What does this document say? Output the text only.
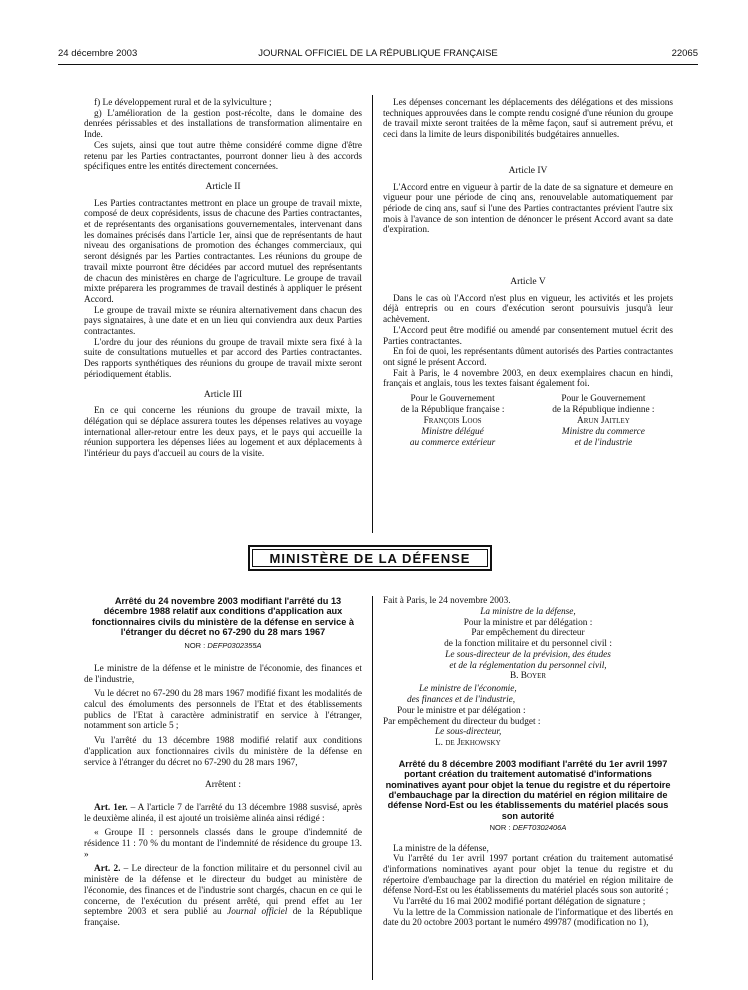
24 décembre 2003	JOURNAL OFFICIEL DE LA RÉPUBLIQUE FRANÇAISE	22065

f) Le développement rural et de la sylviculture ;

g) L'amélioration de la gestion post-récolte, dans le domaine des denrées périssables et des installations de transformation alimentaire en Inde.

Ces sujets, ainsi que tout autre thème considéré comme digne d'être retenu par les Parties contractantes, pourront donner lieu à des accords spécifiques entre les entités directement concernées.

Article II

Les Parties contractantes mettront en place un groupe de travail mixte, composé de deux coprésidents, issus de chacune des Parties contractantes, et de représentants des organisations gouvernementales, intervenant dans les domaines précisés dans l'article 1er, ainsi que de représentants de haut niveau des organisations de promotion des échanges commerciaux, qui seront désignés par les Parties contractantes. Les réunions du groupe de travail mixte pourront être décidées par accord mutuel des représentants de chacun des ministères en charge de l'agriculture. Le groupe de travail mixte préparera les programmes de travail destinés à appliquer le présent Accord.

Le groupe de travail mixte se réunira alternativement dans chacun des pays signataires, à une date et en un lieu qui conviendra aux deux Parties contractantes.

L'ordre du jour des réunions du groupe de travail mixte sera fixé à la suite de consultations mutuelles et par accord des Parties contractantes. Des rapports synthétiques des réunions du groupe de travail mixte seront périodiquement établis.

Article III

En ce qui concerne les réunions du groupe de travail mixte, la délégation qui se déplace assurera toutes les dépenses relatives au voyage international aller-retour entre les deux pays, et le pays qui accueille la réunion supportera les dépenses liées au logement et aux déplacements à l'intérieur du pays d'accueil au cours de la visite.

Les dépenses concernant les déplacements des délégations et des missions techniques approuvées dans le compte rendu cosigné d'une réunion du groupe de travail mixte seront traitées de la même façon, sauf si autrement prévu, et ceci dans la limite de leurs disponibilités budgétaires annuelles.

Article IV

L'Accord entre en vigueur à partir de la date de sa signature et demeure en vigueur pour une période de cinq ans, renouvelable automatiquement par période de cinq ans, sauf si l'une des Parties contractantes prévient l'autre six mois à l'avance de son intention de dénoncer le présent Accord avant sa date d'expiration.

Article V

Dans le cas où l'Accord n'est plus en vigueur, les activités et les projets déjà entrepris ou en cours d'exécution seront poursuivis jusqu'à leur achèvement.

L'Accord peut être modifié ou amendé par consentement mutuel écrit des Parties contractantes.

En foi de quoi, les représentants dûment autorisés des Parties contractantes ont signé le présent Accord.

Fait à Paris, le 4 novembre 2003, en deux exemplaires chacun en hindi, français et anglais, tous les textes faisant également foi.

Pour le Gouvernement
de la République française :
François Loos
Ministre délégué
au commerce extérieur
Pour le Gouvernement
de la République indienne :
Arun Jaitley
Ministre du commerce
et de l'industrie
MINISTÈRE DE LA DÉFENSE

Arrêté du 24 novembre 2003 modifiant l'arrêté du 13 décembre 1988 relatif aux conditions d'application aux fonctionnaires civils du ministère de la défense en service à l'étranger du décret no 67-290 du 28 mars 1967

NOR : DEFP0302355A

Le ministre de la défense et le ministre de l'économie, des finances et de l'industrie,

Vu le décret no 67-290 du 28 mars 1967 modifié fixant les modalités de calcul des émoluments des personnels de l'Etat et des établissements publics de l'Etat à caractère administratif en service à l'étranger, notamment son article 5 ;

Vu l'arrêté du 13 décembre 1988 modifié relatif aux conditions d'application aux fonctionnaires civils du ministère de la défense en service à l'étranger du décret no 67-290 du 28 mars 1967,

Arrêtent :

Art. 1er. – A l'article 7 de l'arrêté du 13 décembre 1988 susvisé, après le deuxième alinéa, il est ajouté un troisième alinéa ainsi rédigé :

« Groupe II : personnels classés dans le groupe d'indemnité de résidence 11 : 70 % du montant de l'indemnité de résidence du groupe 13. »

Art. 2. – Le directeur de la fonction militaire et du personnel civil au ministère de la défense et le directeur du budget au ministère de l'économie, des finances et de l'industrie sont chargés, chacun en ce qui le concerne, de l'exécution du présent arrêté, qui prend effet au 1er septembre 2003 et sera publié au Journal officiel de la République française.

Fait à Paris, le 24 novembre 2003.

La ministre de la défense,
Pour la ministre et par délégation :
Par empêchement du directeur
de la fonction militaire et du personnel civil :
Le sous-directeur de la prévision, des études
et de la réglementation du personnel civil,
B. Boyer
Le ministre de l'économie,
des finances et de l'industrie,
Pour le ministre et par délégation :
Par empêchement du directeur du budget :
Le sous-directeur,
L. de Jekhowsky

Arrêté du 8 décembre 2003 modifiant l'arrêté du 1er avril 1997 portant création du traitement automatisé d'informations nominatives ayant pour objet la tenue du registre et du répertoire d'embauchage par la direction du matériel en région militaire de défense Nord-Est ou les établissements du matériel placés sous son autorité

NOR : DEFT0302406A

La ministre de la défense,

Vu l'arrêté du 1er avril 1997 portant création du traitement automatisé d'informations nominatives ayant pour objet la tenue du registre et du répertoire d'embauchage par la direction du matériel en région militaire de défense Nord-Est ou les établissements du matériel placés sous son autorité ;

Vu l'arrêté du 16 mai 2002 modifié portant délégation de signature ;

Vu la lettre de la Commission nationale de l'informatique et des libertés en date du 20 octobre 2003 portant le numéro 499787 (modification no 1),
